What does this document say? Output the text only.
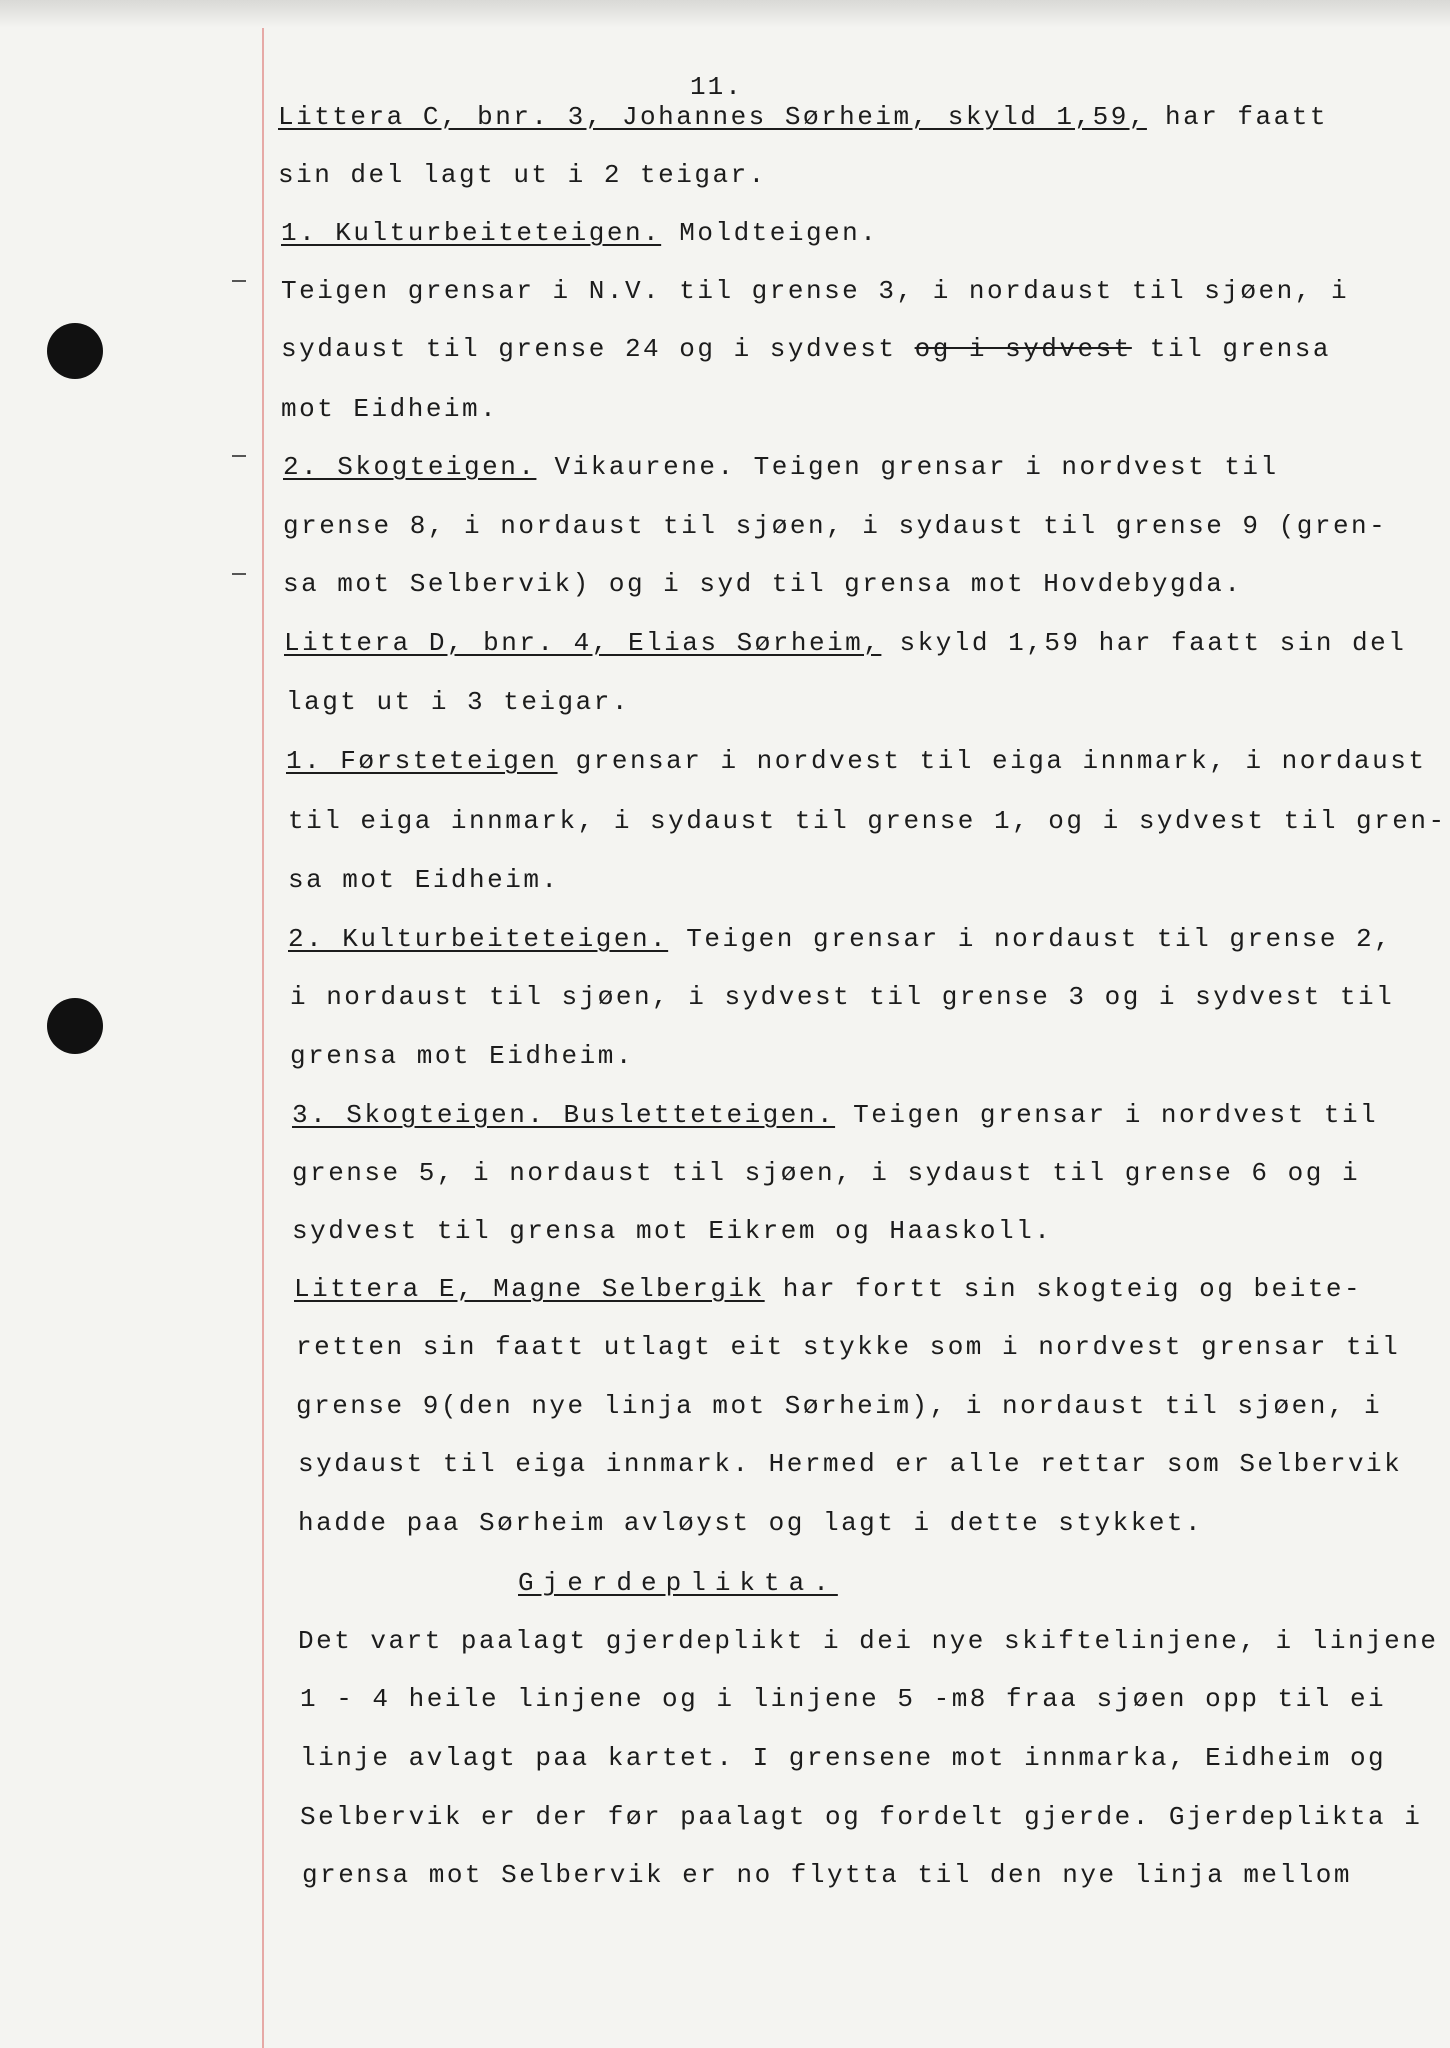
11.
Littera C, bnr. 3, Johannes Sørheim, skyld 1,59, har faatt
sin del lagt ut i 2 teigar.
1. Kulturbeiteteigen. Moldteigen.
Teigen grensar i N.V. til grense 3, i nordaust til sjøen, i
sydaust til grense 24 og i sydvest og i sydvest til grensa
mot Eidheim.
2. Skogteigen. Vikaurene. Teigen grensar i nordvest til
grense 8, i nordaust til sjøen, i sydaust til grense 9 (gren-
sa mot Selbervik) og i syd til grensa mot Hovdebygda.
Littera D, bnr. 4, Elias Sørheim, skyld 1,59 har faatt sin del
lagt ut i 3 teigar.
1. Førsteteigen grensar i nordvest til eiga innmark, i nordaust
til eiga innmark, i sydaust til grense 1, og i sydvest til gren-
sa mot Eidheim.
2. Kulturbeiteteigen. Teigen grensar i nordaust til grense 2,
i nordaust til sjøen, i sydvest til grense 3 og i sydvest til
grensa mot Eidheim.
3. Skogteigen. Busletteteigen. Teigen grensar i nordvest til
grense 5, i nordaust til sjøen, i sydaust til grense 6 og i
sydvest til grensa mot Eikrem og Haaskoll.
Littera E, Magne Selbergik har fortt sin skogteig og beite-
retten sin faatt utlagt eit stykke som i nordvest grensar til
grense 9(den nye linja mot Sørheim), i nordaust til sjøen, i
sydaust til eiga innmark. Hermed er alle rettar som Selbervik
hadde paa Sørheim avløyst og lagt i dette stykket.
Gjerdeplikta.
Det vart paalagt gjerdeplikt i dei nye skiftelinjene, i linjene
1 - 4 heile linjene og i linjene 5 -m8 fraa sjøen opp til ei
linje avlagt paa kartet. I grensene mot innmarka, Eidheim og
Selbervik er der før paalagt og fordelt gjerde. Gjerdeplikta i
grensa mot Selbervik er no flytta til den nye linja mellom
